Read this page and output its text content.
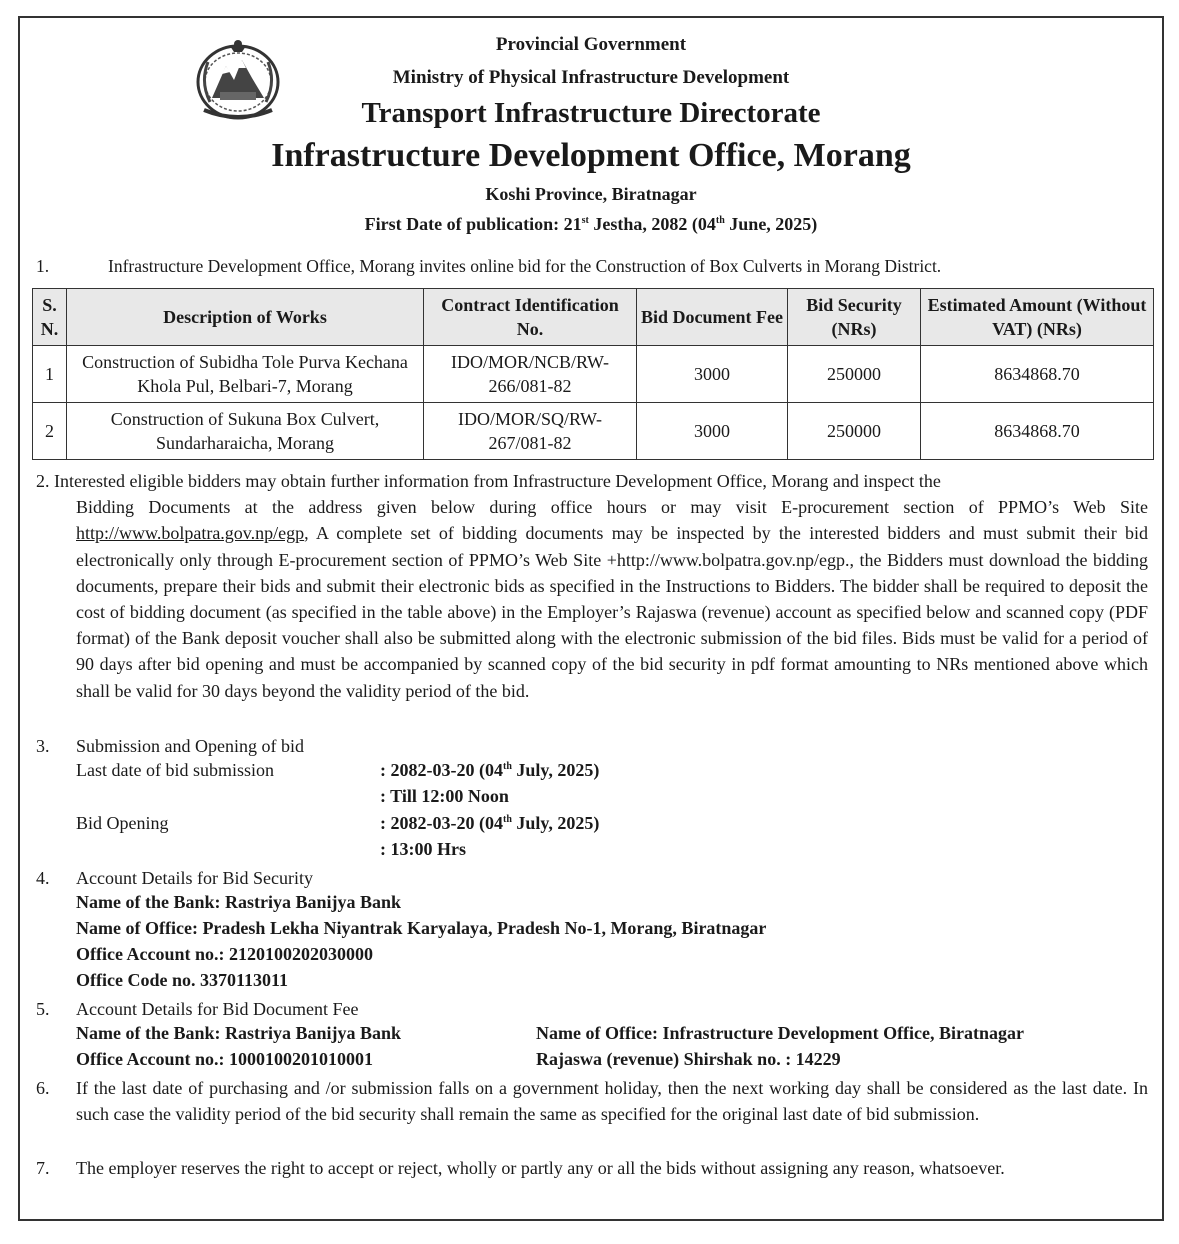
Provincial Government
Ministry of Physical Infrastructure Development
Transport Infrastructure Directorate
Infrastructure Development Office, Morang
Koshi Province, Biratnagar
First Date of publication: 21st Jestha, 2082 (04th June, 2025)
1.	Infrastructure Development Office, Morang invites online bid for the Construction of Box Culverts in Morang District.
S. N.	Description of Works	Contract Identification No.	Bid Document Fee	Bid Security (NRs)	Estimated Amount (Without VAT) (NRs)
1	Construction of Subidha Tole Purva Kechana Khola Pul, Belbari-7, Morang	IDO/MOR/NCB/RW-266/081-82	3000	250000	8634868.70
2	Construction of Sukuna Box Culvert, Sundarharaicha, Morang	IDO/MOR/SQ/RW-267/081-82	3000	250000	8634868.70
2. Interested eligible bidders may obtain further information from Infrastructure Development Office, Morang and inspect the
Bidding Documents at the address given below during office hours or may visit E-procurement section of PPMO’s Web Site http://www.bolpatra.gov.np/egp, A complete set of bidding documents may be inspected by the interested bidders and must submit their bid electronically only through E-procurement section of PPMO’s Web Site +http://www.bolpatra.gov.np/egp., the Bidders must download the bidding documents, prepare their bids and submit their electronic bids as specified in the Instructions to Bidders. The bidder shall be required to deposit the cost of bidding document (as specified in the table above) in the Employer’s Rajaswa (revenue) account as specified below and scanned copy (PDF format) of the Bank deposit voucher shall also be submitted along with the electronic submission of the bid files. Bids must be valid for a period of 90 days after bid opening and must be accompanied by scanned copy of the bid security in pdf format amounting to NRs mentioned above which shall be valid for 30 days beyond the validity period of the bid.
3.	Submission and Opening of bid
Last date of bid submission	: 2082-03-20 (04th July, 2025)
: Till 12:00 Noon
Bid Opening	: 2082-03-20 (04th July, 2025)
: 13:00 Hrs
4.	Account Details for Bid Security
Name of the Bank: Rastriya Banijya Bank
Name of Office: Pradesh Lekha Niyantrak Karyalaya, Pradesh No-1, Morang, Biratnagar
Office Account no.: 2120100202030000
Office Code no. 3370113011
5.	Account Details for Bid Document Fee
Name of the Bank: Rastriya Banijya Bank	Name of Office: Infrastructure Development Office, Biratnagar
Office Account no.: 1000100201010001	Rajaswa (revenue) Shirshak no. : 14229
6.	If the last date of purchasing and /or submission falls on a government holiday, then the next working day shall be considered as the last date. In such case the validity period of the bid security shall remain the same as specified for the original last date of bid submission.
7.	The employer reserves the right to accept or reject, wholly or partly any or all the bids without assigning any reason, whatsoever.
